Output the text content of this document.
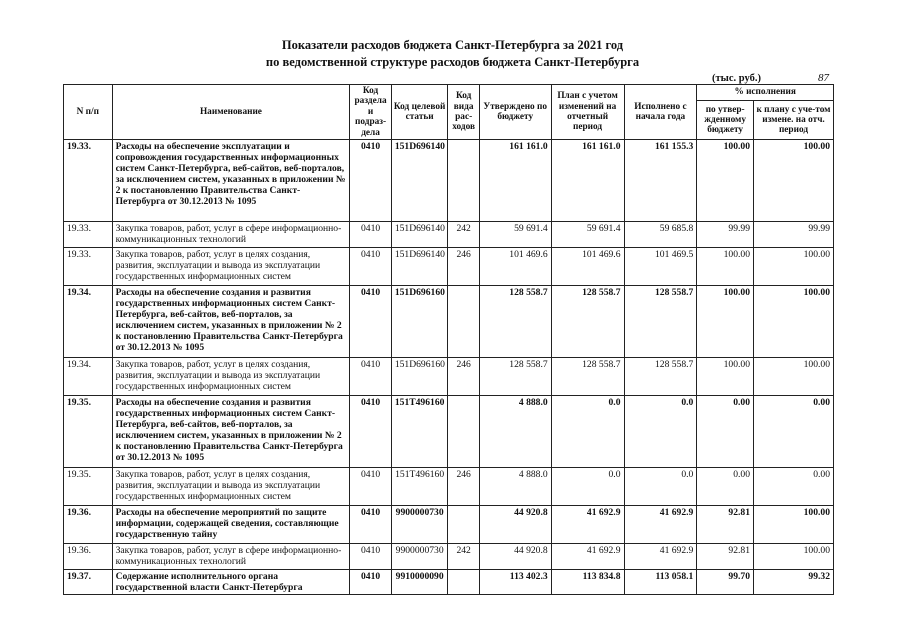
Показатели расходов бюджета Санкт-Петербурга за 2021 год
по ведомственной структуре расходов бюджета Санкт-Петербурга
(тыс. руб.)	87
N п/п	Наименование	Код раздела и подраз-дела	Код целевой статьи	Код вида рас-ходов	Утверждено по бюджету	План с учетом изменений на отчетный период	Исполнено с начала года	% исполнения	
								по утвер-жденному бюджету	к плану с уче-том измене. на отч. период
19.33.	Расходы на обеспечение эксплуатации и сопровождения государственных информационных систем Санкт-Петербурга, веб-сайтов, веб-порталов, за исключением систем, указанных в приложении № 2 к постановлению Правительства Санкт-Петербурга от 30.12.2013 № 1095	0410	151D696140		161 161.0	161 161.0	161 155.3	100.00	100.00
19.33.	Закупка товаров, работ, услуг в сфере информационно-коммуникационных технологий	0410	151D696140	242	59 691.4	59 691.4	59 685.8	99.99	99.99
19.33.	Закупка товаров, работ, услуг в целях создания, развития, эксплуатации и вывода из эксплуатации государственных информационных систем	0410	151D696140	246	101 469.6	101 469.6	101 469.5	100.00	100.00
19.34.	Расходы на обеспечение создания и развития государственных информационных систем Санкт-Петербурга, веб-сайтов, веб-порталов, за исключением систем, указанных в приложении № 2 к постановлению Правительства Санкт-Петербурга от 30.12.2013 № 1095	0410	151D696160		128 558.7	128 558.7	128 558.7	100.00	100.00
19.34.	Закупка товаров, работ, услуг в целях создания, развития, эксплуатации и вывода из эксплуатации государственных информационных систем	0410	151D696160	246	128 558.7	128 558.7	128 558.7	100.00	100.00
19.35.	Расходы на обеспечение создания и развития государственных информационных систем Санкт-Петербурга, веб-сайтов, веб-порталов, за исключением систем, указанных в приложении № 2 к постановлению Правительства Санкт-Петербурга от 30.12.2013 № 1095	0410	151T496160		4 888.0	0.0	0.0	0.00	0.00
19.35.	Закупка товаров, работ, услуг в целях создания, развития, эксплуатации и вывода из эксплуатации государственных информационных систем	0410	151T496160	246	4 888.0	0.0	0.0	0.00	0.00
19.36.	Расходы на обеспечение мероприятий по защите информации, содержащей сведения, составляющие государственную тайну	0410	9900000730		44 920.8	41 692.9	41 692.9	92.81	100.00
19.36.	Закупка товаров, работ, услуг в сфере информационно-коммуникационных технологий	0410	9900000730	242	44 920.8	41 692.9	41 692.9	92.81	100.00
19.37.	Содержание исполнительного органа государственной власти Санкт-Петербурга	0410	9910000090		113 402.3	113 834.8	113 058.1	99.70	99.32
